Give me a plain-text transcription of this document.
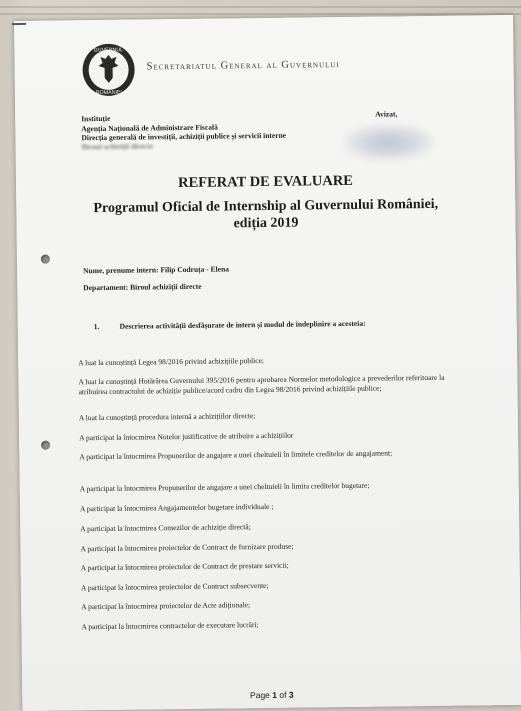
GUVERNUL
ROMÂNIEI
Secretariatul General al Guvernului
Instituție
Agenția Națională de Administrare Fiscală
Direcția generală de investiții, achiziții publice și servicii interne
Biroul achiziții directe
Avizat,
REFERAT DE EVALUARE
Programul Oficial de Internship al Guvernului României,
ediția 2019
Nume, prenume intern: Filip Codruța - Elena
Departament: Biroul achiziții directe
1.	Descrierea activității desfășurate de intern și modul de îndeplinire a acesteia:
A luat la cunoștință Legea 98/2016 privind achizițiile publice;
A luat la cunoștință Hotărârea Guvernului 395/2016 pentru aprobarea Normelor metodologice a prevederilor referitoare la atribuirea contractului de achiziție publice/acord cadru din Legea 98/2016 privind achizițiile publice;
A luat la cunoștință procedura internă a achizițiilor directe;
A participat la întocmirea Notelor justificative de atribuire a achizițiilor
A participat la întocmirea Propunerilor de angajare a unei cheltuieli în limitele creditelor de angajament;
A participat la întocmirea Propunerilor de angajare a unei cheltuieli în limita creditelor bugetare;
A participat la întocmirea Angajamentelor bugetare individuale ;
A participat la întocmirea Comezilor de achiziție directă;
A participat la întocmirea proiectelor de Contract de furnizare produse;
A participat la întocmirea proiectelor de Contract de prestare servicii;
A participat la întocmirea proiectelor de Contract subsecvente;
A participat la întocmirea proiectelor de Acte adiționale;
A participat la întocmirea contractelor de executare lucrări;
Page 1 of 3
